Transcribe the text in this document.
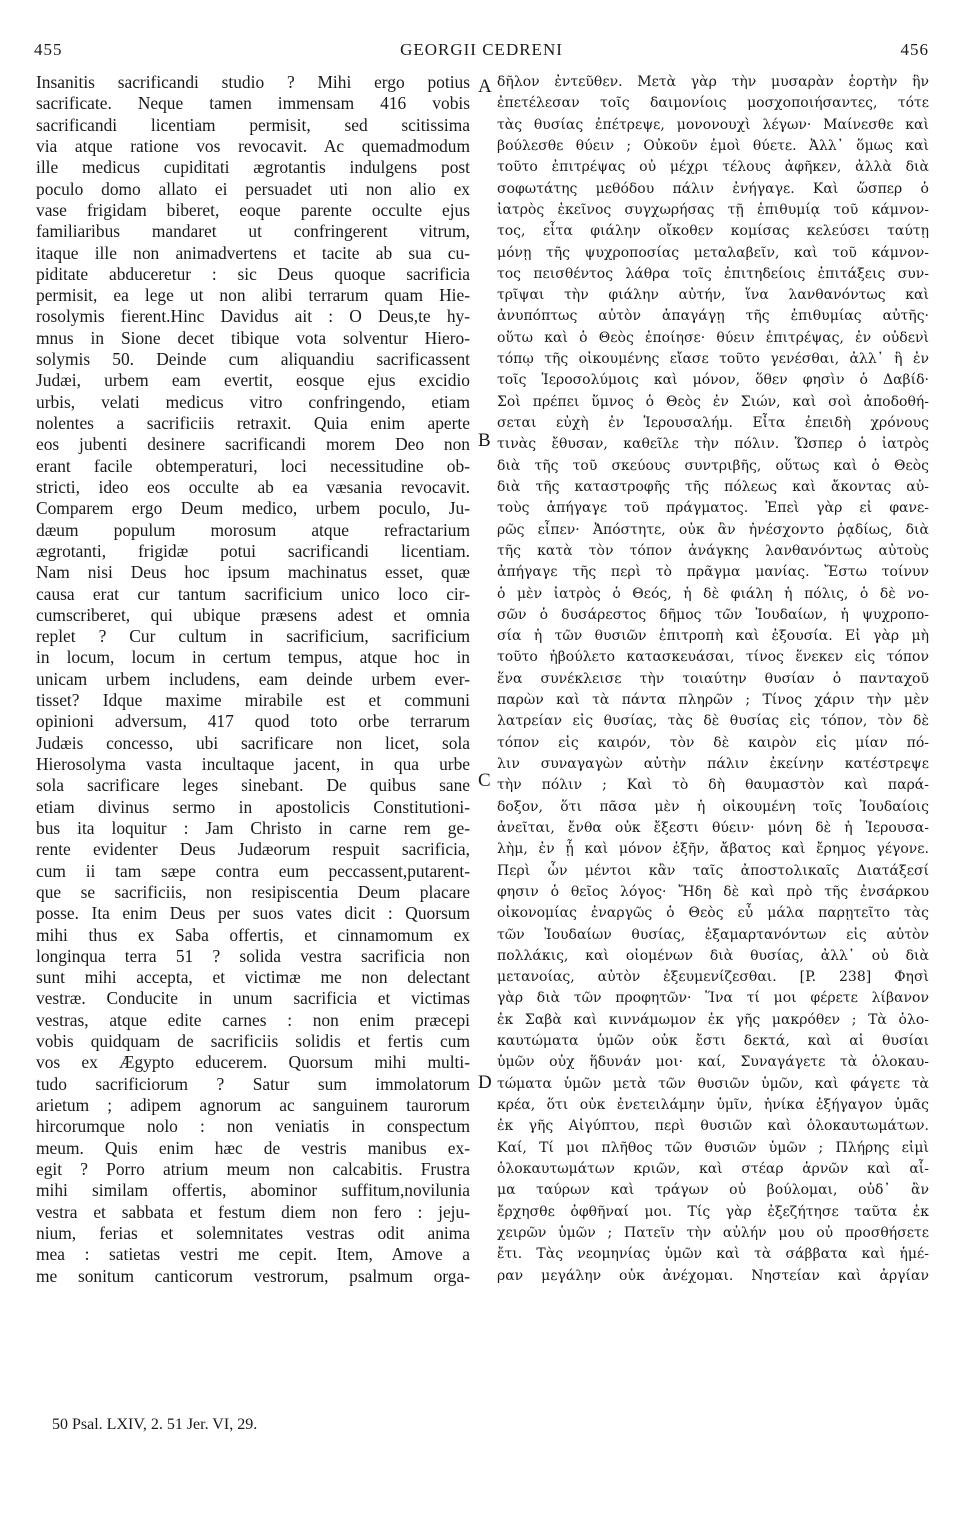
455	GEORGII CEDRENI	456
Insanitis sacrificandi studio ? Mihi ergo potius
sacrificate. Neque tamen immensam 416 vobis
sacrificandi licentiam permisit, sed scitissima
via atque ratione vos revocavit. Ac quemadmodum
ille medicus cupiditati ægrotantis indulgens post
poculo domo allato ei persuadet uti non alio ex
vase frigidam biberet, eoque parente occulte ejus
familiaribus mandaret ut confringerent vitrum,
itaque ille non animadvertens et tacite ab sua cu-
piditate abduceretur : sic Deus quoque sacrificia
permisit, ea lege ut non alibi terrarum quam Hie-
rosolymis fierent.Hinc Davidus ait : O Deus,te hy-
mnus in Sione decet tibique vota solventur Hiero-
solymis 50. Deinde cum aliquandiu sacrificassent
Judæi, urbem eam evertit, eosque ejus excidio
urbis, velati medicus vitro confringendo, etiam
nolentes a sacrificiis retraxit. Quia enim aperte
eos jubenti desinere sacrificandi morem Deo non
erant facile obtemperaturi, loci necessitudine ob-
stricti, ideo eos occulte ab ea væsania revocavit.
Comparem ergo Deum medico, urbem poculo, Ju-
dæum populum morosum atque refractarium
ægrotanti, frigidæ potui sacrificandi licentiam.
Nam nisi Deus hoc ipsum machinatus esset, quæ
causa erat cur tantum sacrificium unico loco cir-
cumscriberet, qui ubique præsens adest et omnia
replet ? Cur cultum in sacrificium, sacrificium
in locum, locum in certum tempus, atque hoc in
unicam urbem includens, eam deinde urbem ever-
tisset? Idque maxime mirabile est et communi
opinioni adversum, 417 quod toto orbe terrarum
Judæis concesso, ubi sacrificare non licet, sola
Hierosolyma vasta incultaque jacent, in qua urbe
sola sacrificare leges sinebant. De quibus sane
etiam divinus sermo in apostolicis Constitutioni-
bus ita loquitur : Jam Christo in carne rem ge-
rente evidenter Deus Judæorum respuit sacrificia,
cum ii tam sæpe contra eum peccassent,putarent-
que se sacrificiis, non resipiscentia Deum placare
posse. Ita enim Deus per suos vates dicit : Quorsum
mihi thus ex Saba offertis, et cinnamomum ex
longinqua terra 51 ? solida vestra sacrificia non
sunt mihi accepta, et victimæ me non delectant
vestræ. Conducite in unum sacrificia et victimas
vestras, atque edite carnes : non enim præcepi
vobis quidquam de sacrificiis solidis et fertis cum
vos ex Ægypto educerem. Quorsum mihi multi-
tudo sacrificiorum ? Satur sum immolatorum
arietum ; adipem agnorum ac sanguinem taurorum
hircorumque nolo : non veniatis in conspectum
meum. Quis enim hæc de vestris manibus ex-
egit ? Porro atrium meum non calcabitis. Frustra
mihi similam offertis, abominor suffitum,novilunia
vestra et sabbata et festum diem non fero : jeju-
nium, ferias et solemnitates vestras odit anima
mea : satietas vestri me cepit. Item, Amove a
me sonitum canticorum vestrorum, psalmum orga-
δῆλον ἐντεῦθεν. Μετὰ γὰρ τὴν μυσαρὰν ἑορτὴν ἣν
ἐπετέλεσαν τοῖς δαιμονίοις μοσχοποιήσαντες, τότε
τὰς θυσίας ἐπέτρεψε, μονονουχὶ λέγων· Μαίνεσθε καὶ
βούλεσθε θύειν ; Οὐκοῦν ἐμοὶ θύετε. Ἀλλ᾽ ὅμως καὶ
τοῦτο ἐπιτρέψας οὐ μέχρι τέλους ἀφῆκεν, ἀλλὰ διὰ
σοφωτάτης μεθόδου πάλιν ἐνήγαγε. Καὶ ὥσπερ ὁ
ἰατρὸς ἐκεῖνος συγχωρήσας τῇ ἐπιθυμίᾳ τοῦ κάμνον-
τος, εἶτα φιάλην οἴκοθεν κομίσας κελεύσει ταύτῃ
μόνῃ τῆς ψυχροποσίας μεταλαβεῖν, καὶ τοῦ κάμνον-
τος πεισθέντος λάθρα τοῖς ἐπιτηδείοις ἐπιτάξεις συν-
τρῖψαι τὴν φιάλην αὐτήν, ἵνα λανθανόντως καὶ
ἀνυπόπτως αὐτὸν ἀπαγάγῃ τῆς ἐπιθυμίας αὐτῆς·
οὕτω καὶ ὁ Θεὸς ἐποίησε· θύειν ἐπιτρέψας, ἐν οὐδενὶ
τόπῳ τῆς οἰκουμένης εἴασε τοῦτο γενέσθαι, ἀλλ᾽ ἢ ἐν
τοῖς Ἱεροσολύμοις καὶ μόνον, ὅθεν φησὶν ὁ Δαβίδ·
Σοὶ πρέπει ὕμνος ὁ Θεὸς ἐν Σιών, καὶ σοὶ ἀποδοθή-
σεται εὐχὴ ἐν Ἱερουσαλήμ. Εἶτα ἐπειδὴ χρόνους
τινὰς ἔθυσαν, καθεῖλε τὴν πόλιν. Ὥσπερ ὁ ἰατρὸς
διὰ τῆς τοῦ σκεύους συντριβῆς, οὕτως καὶ ὁ Θεὸς
διὰ τῆς καταστροφῆς τῆς πόλεως καὶ ἄκοντας αὐ-
τοὺς ἀπήγαγε τοῦ πράγματος. Ἐπεὶ γὰρ εἰ φανε-
ρῶς εἶπεν· Ἀπόστητε, οὐκ ἂν ἠνέσχοντο ῥᾳδίως, διὰ
τῆς κατὰ τὸν τόπον ἀνάγκης λανθανόντως αὐτοὺς
ἀπήγαγε τῆς περὶ τὸ πρᾶγμα μανίας. Ἔστω τοίνυν
ὁ μὲν ἰατρὸς ὁ Θεός, ἡ δὲ φιάλη ἡ πόλις, ὁ δὲ νο-
σῶν ὁ δυσάρεστος δῆμος τῶν Ἰουδαίων, ἡ ψυχροπο-
σία ἡ τῶν θυσιῶν ἐπιτροπὴ καὶ ἐξουσία. Εἰ γὰρ μὴ
τοῦτο ἠβούλετο κατασκευάσαι, τίνος ἕνεκεν εἰς τόπον
ἕνα συνέκλεισε τὴν τοιαύτην θυσίαν ὁ πανταχοῦ
παρὼν καὶ τὰ πάντα πληρῶν ; Τίνος χάριν τὴν μὲν
λατρείαν εἰς θυσίας, τὰς δὲ θυσίας εἰς τόπον, τὸν δὲ
τόπον εἰς καιρόν, τὸν δὲ καιρὸν εἰς μίαν πό-
λιν συναγαγὼν αὐτὴν πάλιν ἐκείνην κατέστρεψε
τὴν πόλιν ; Καὶ τὸ δὴ θαυμαστὸν καὶ παρά-
δοξον, ὅτι πᾶσα μὲν ἡ οἰκουμένη τοῖς Ἰουδαίοις
ἀνεῖται, ἔνθα οὐκ ἔξεστι θύειν· μόνη δὲ ἡ Ἱερουσα-
λὴμ, ἐν ᾗ καὶ μόνον ἐξῆν, ἄβατος καὶ ἔρημος γέγονε.
Περὶ ὧν μέντοι κἂν ταῖς ἀποστολικαῖς Διατάξεσί
φησιν ὁ θεῖος λόγος· Ἤδη δὲ καὶ πρὸ τῆς ἐνσάρκου
οἰκονομίας ἐναργῶς ὁ Θεὸς εὖ μάλα παρῃτεῖτο τὰς
τῶν Ἰουδαίων θυσίας, ἐξαμαρτανόντων εἰς αὐτὸν
πολλάκις, καὶ οἰομένων διὰ θυσίας, ἀλλ᾽ οὐ διὰ
μετανοίας, αὐτὸν ἐξευμενίζεσθαι. [P. 238] Φησὶ
γὰρ διὰ τῶν προφητῶν· Ἵνα τί μοι φέρετε λίβανον
ἐκ Σαβὰ καὶ κιννάμωμον ἐκ γῆς μακρόθεν ; Τὰ ὁλο-
καυτώματα ὑμῶν οὐκ ἔστι δεκτά, καὶ αἱ θυσίαι
ὑμῶν οὐχ ἥδυνάν μοι· καί, Συναγάγετε τὰ ὁλοκαυ-
τώματα ὑμῶν μετὰ τῶν θυσιῶν ὑμῶν, καὶ φάγετε τὰ
κρέα, ὅτι οὐκ ἐνετειλάμην ὑμῖν, ἡνίκα ἐξήγαγον ὑμᾶς
ἐκ γῆς Αἰγύπτου, περὶ θυσιῶν καὶ ὁλοκαυτωμάτων.
Καί, Τί μοι πλῆθος τῶν θυσιῶν ὑμῶν ; Πλήρης εἰμὶ
ὁλοκαυτωμάτων κριῶν, καὶ στέαρ ἀρνῶν καὶ αἷ-
μα ταύρων καὶ τράγων οὐ βούλομαι, οὐδ᾽ ἂν
ἔρχησθε ὀφθῆναί μοι. Τίς γὰρ ἐξεζήτησε ταῦτα ἐκ
χειρῶν ὑμῶν ; Πατεῖν τὴν αὐλήν μου οὐ προσθήσετε
ἔτι. Τὰς νεομηνίας ὑμῶν καὶ τὰ σάββατα καὶ ἡμέ-
ραν μεγάλην οὐκ ἀνέχομαι. Νηστείαν καὶ ἀργίαν
A
B
C
D
50 Psal. LXIV, 2. 51 Jer. VI, 29.
